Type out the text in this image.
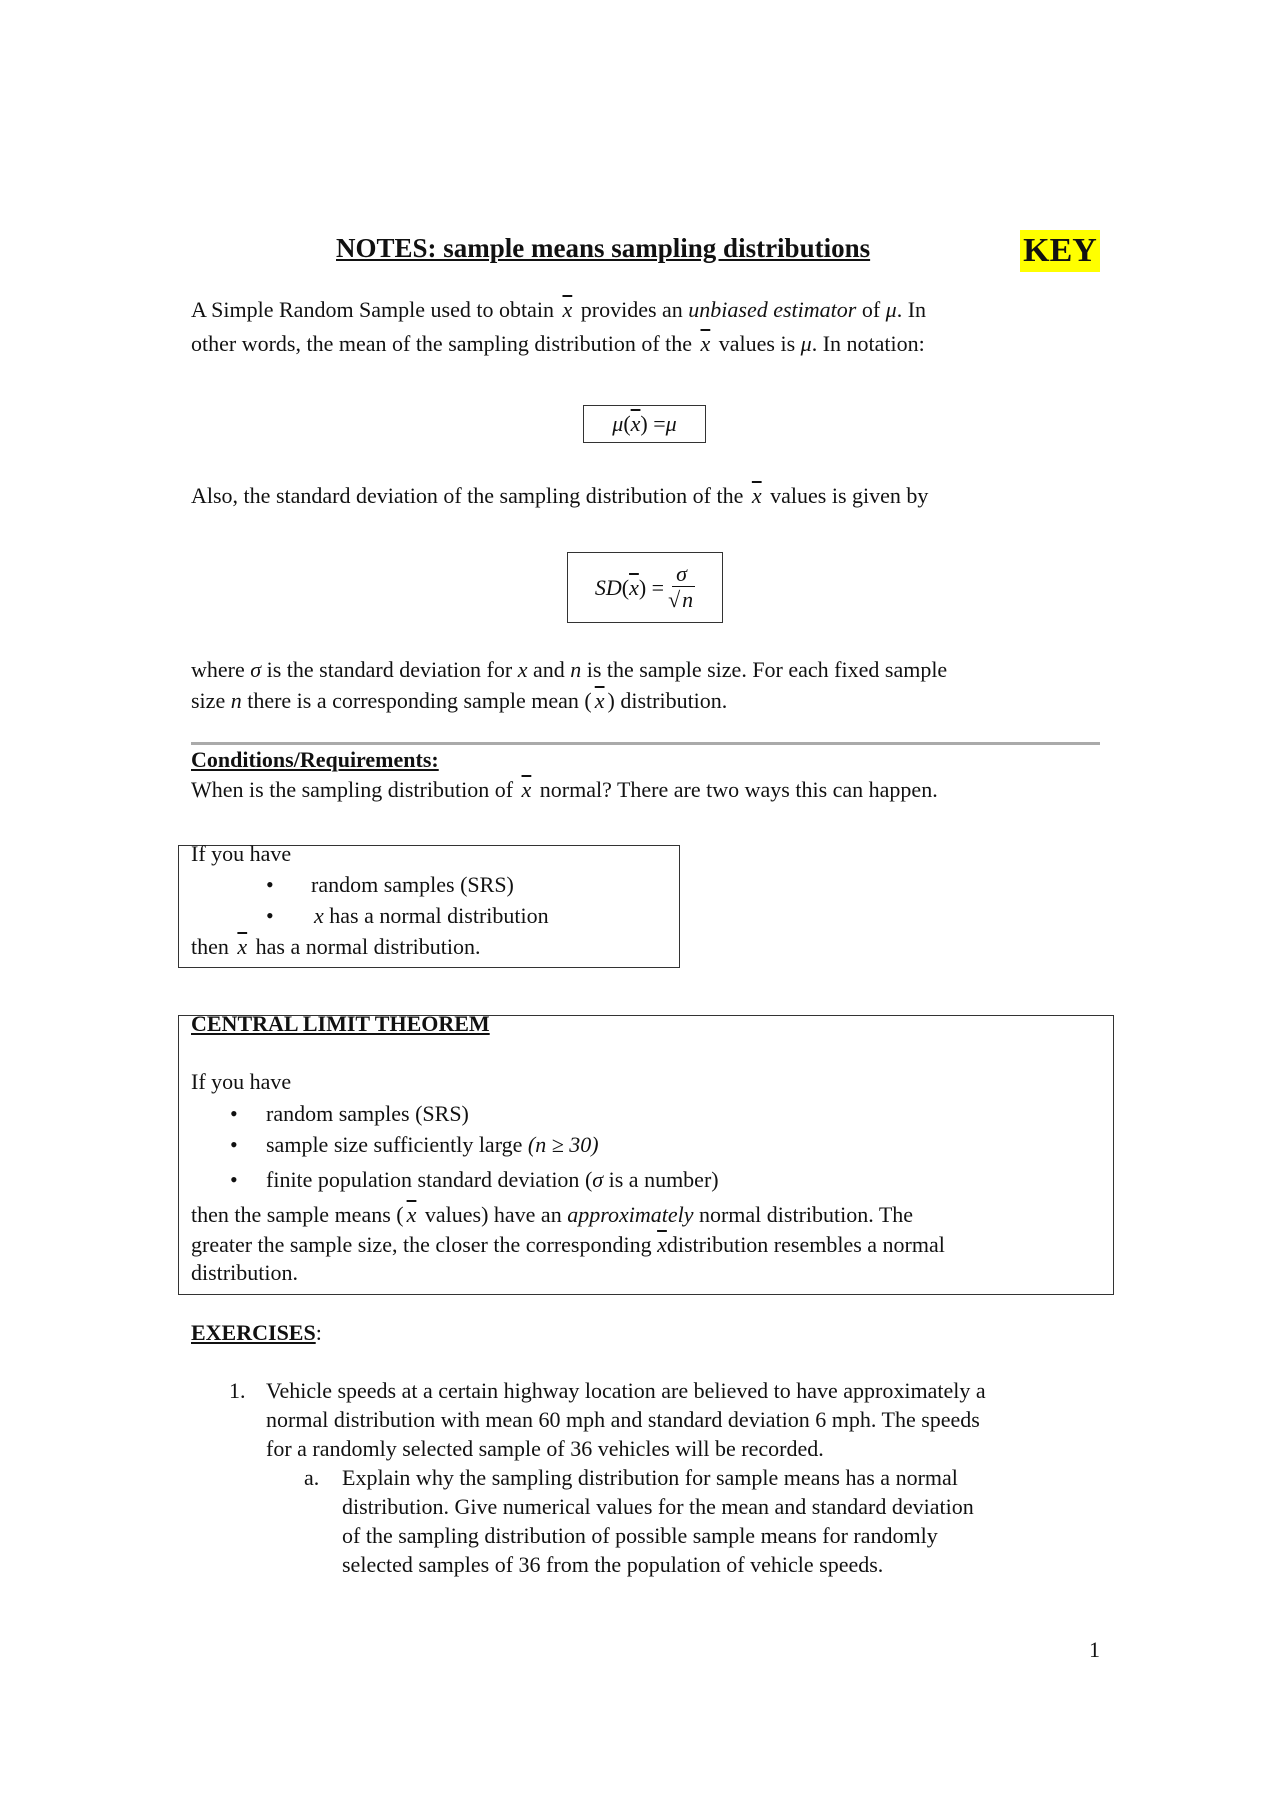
NOTES: sample means sampling distributions	KEY
A Simple Random Sample used to obtain $\overline{x}$ provides an unbiased estimator of μ. In
other words, the mean of the sampling distribution of the $\overline{x}$ values is μ. In notation:
μ ( $\overline{x}$ ) = μ
Also, the standard deviation of the sampling distribution of the $\overline{x}$ values is given by
SD ( $\overline{x}$ ) = $\frac{\sigma}{√n}$
where σ is the standard deviation for x and n is the sample size. For each fixed sample
size n there is a corresponding sample mean ( $\overline{x}$ ) distribution.
Conditions/Requirements:
When is the sampling distribution of $\overline{x}$ normal? There are two ways this can happen.
If you have
• random samples (SRS)
• x has a normal distribution
then $\overline{x}$ has a normal distribution.
CENTRAL LIMIT THEOREM
If you have
• random samples (SRS)
• sample size sufficiently large (n ≥ 30)
• finite population standard deviation (σ is a number)
then the sample means ( $\overline{x}$ values) have an approximately normal distribution. The
greater the sample size, the closer the corresponding $\overline{x}distribution$ resembles a normal
distribution.
EXERCISES:
1. Vehicle speeds at a certain highway location are believed to have approximately a
normal distribution with mean 60 mph and standard deviation 6 mph. The speeds
for a randomly selected sample of 36 vehicles will be recorded.
a. Explain why the sampling distribution for sample means has a normal
distribution. Give numerical values for the mean and standard deviation
of the sampling distribution of possible sample means for randomly
selected samples of 36 from the population of vehicle speeds.
1
